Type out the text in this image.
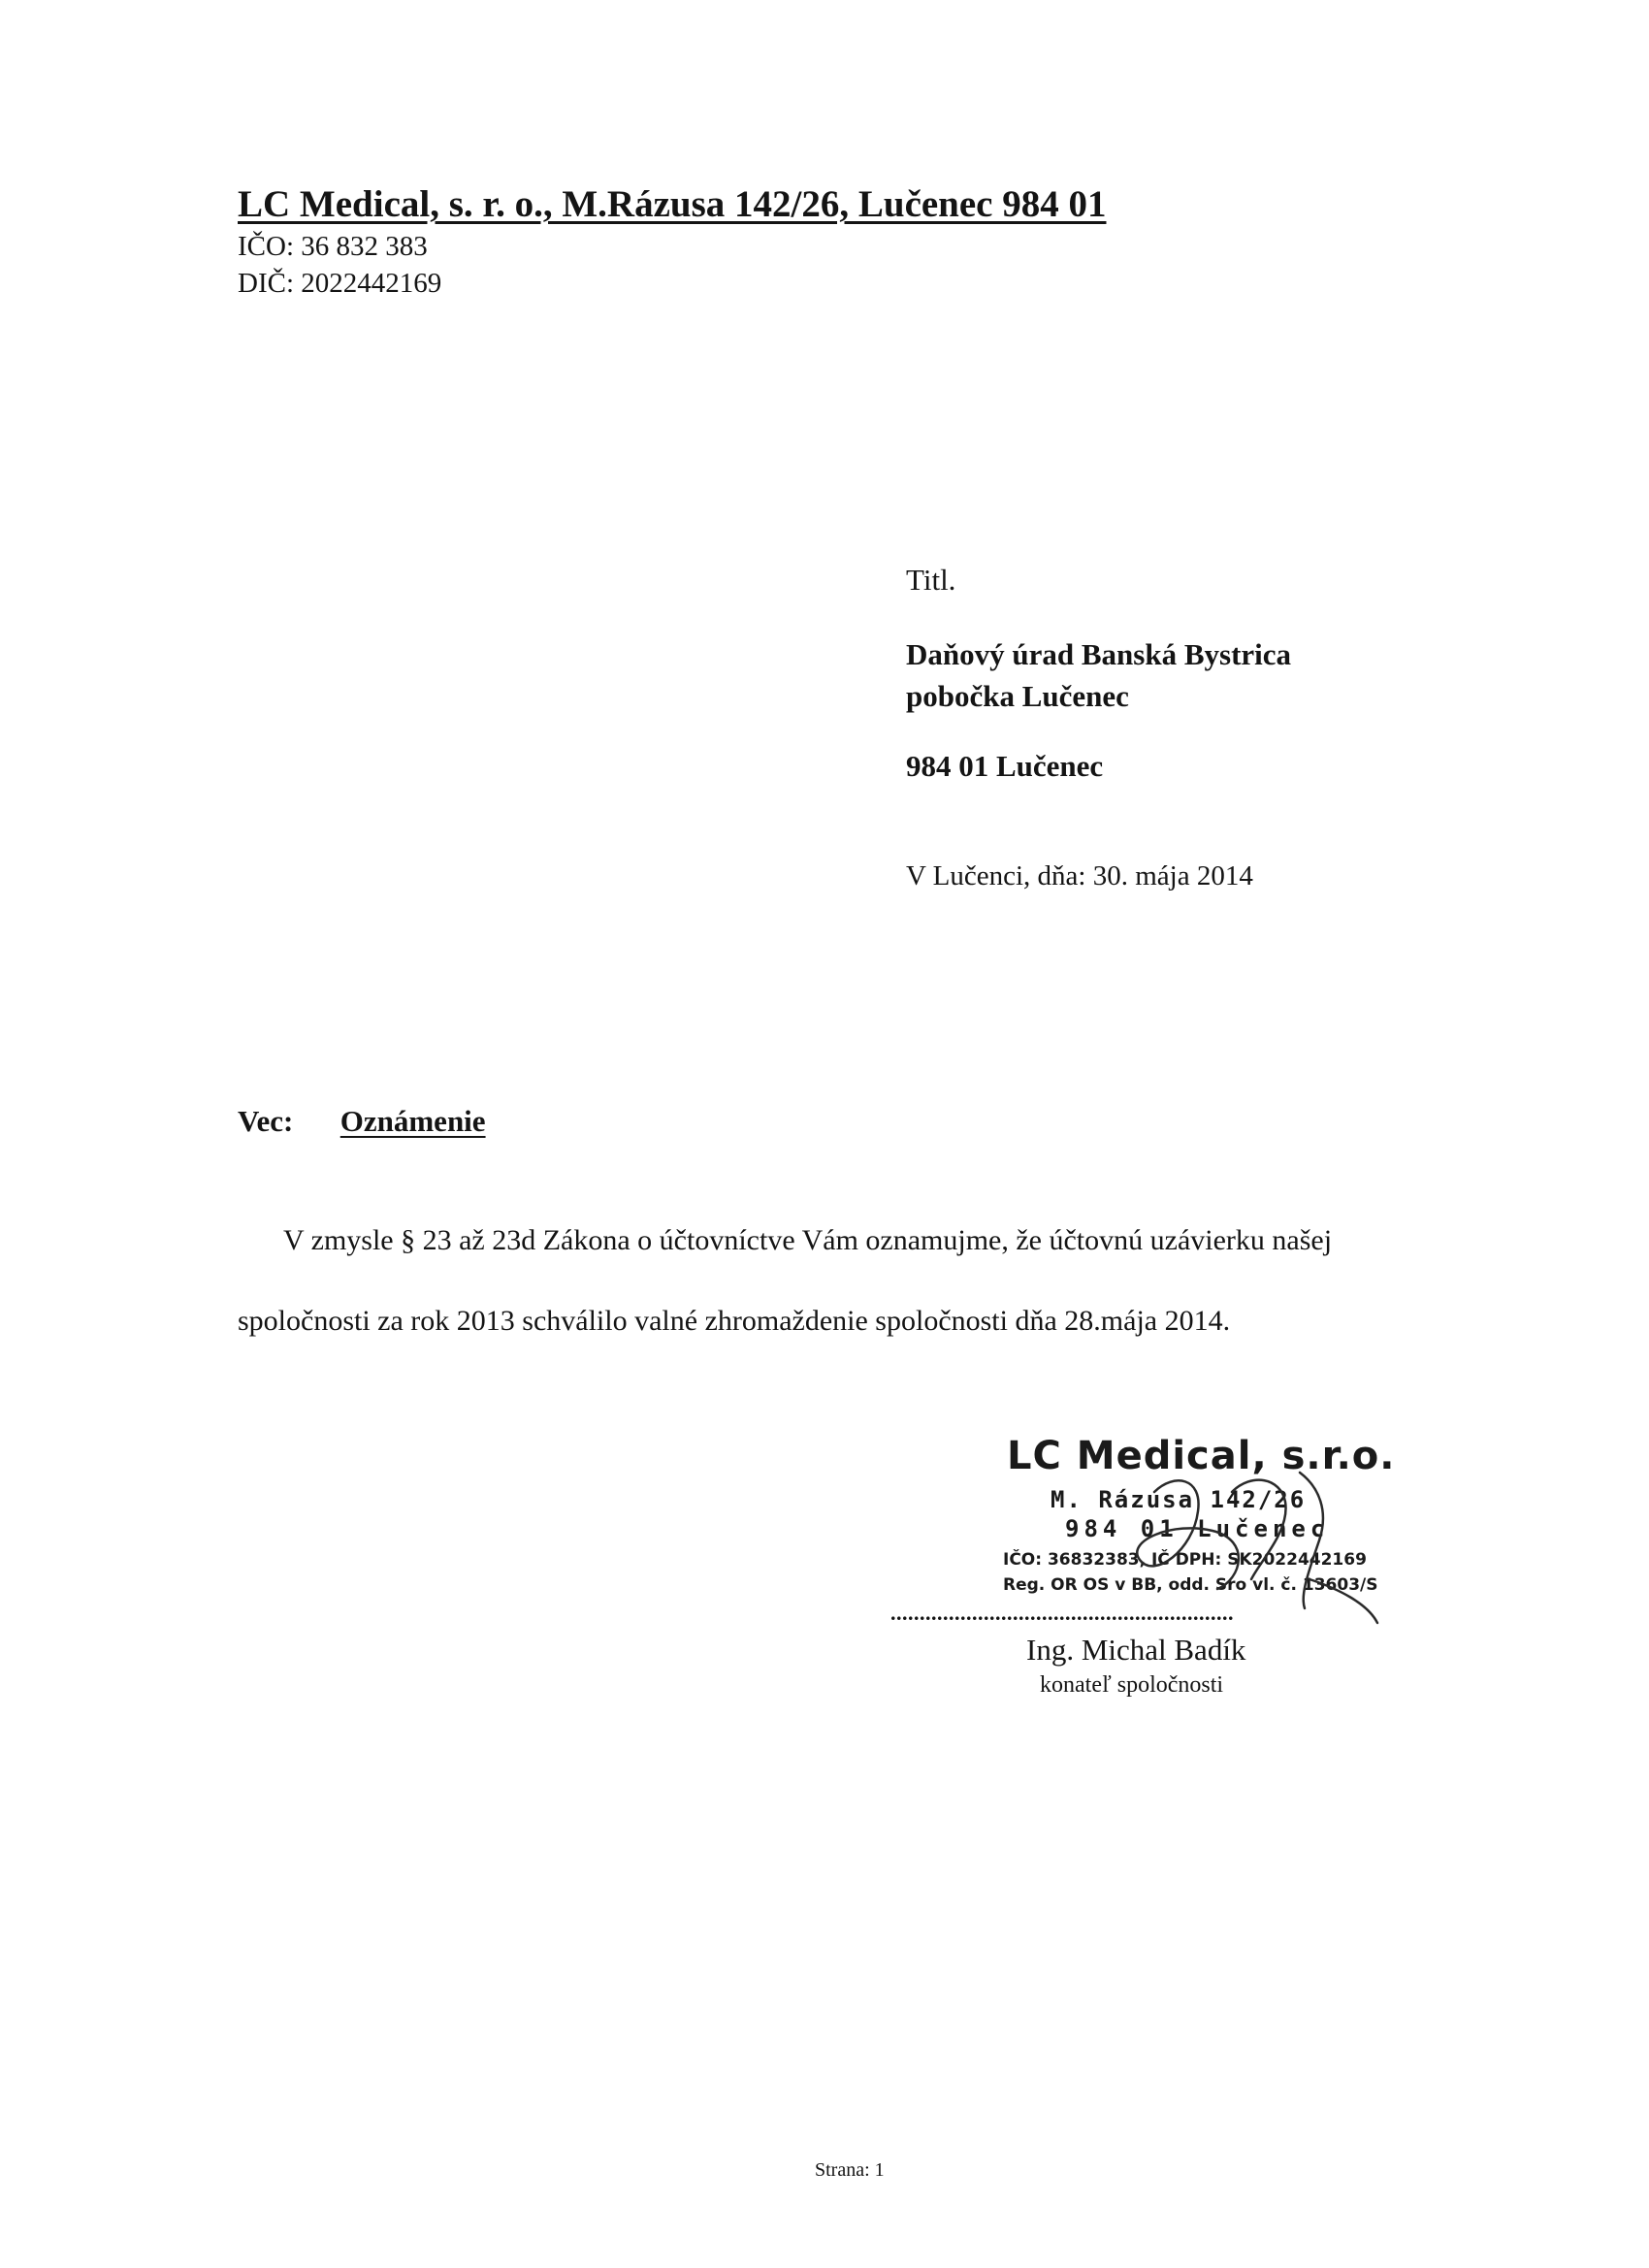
LC Medical, s. r. o., M.Rázusa 142/26, Lučenec 984 01
IČO: 36 832 383
DIČ: 2022442169
Titl.
Daňový úrad Banská Bystrica
pobočka Lučenec
984 01 Lučenec
V Lučenci, dňa: 30. mája 2014
Vec: Oznámenie
V zmysle § 23 až 23d Zákona o účtovníctve Vám oznamujme, že účtovnú uzávierku našej
spoločnosti za rok 2013 schválilo valné zhromaždenie spoločnosti dňa 28.mája 2014.
LC Medical, s.r.o.
M. Rázusa 142/26
984 01 Lučenec
IČO: 36832383, IČ DPH: SK2022442169
Reg. OR OS v BB, odd. Sro vl. č. 13603/S
...........................................................
Ing. Michal Badík
konateľ spoločnosti
Strana: 1
